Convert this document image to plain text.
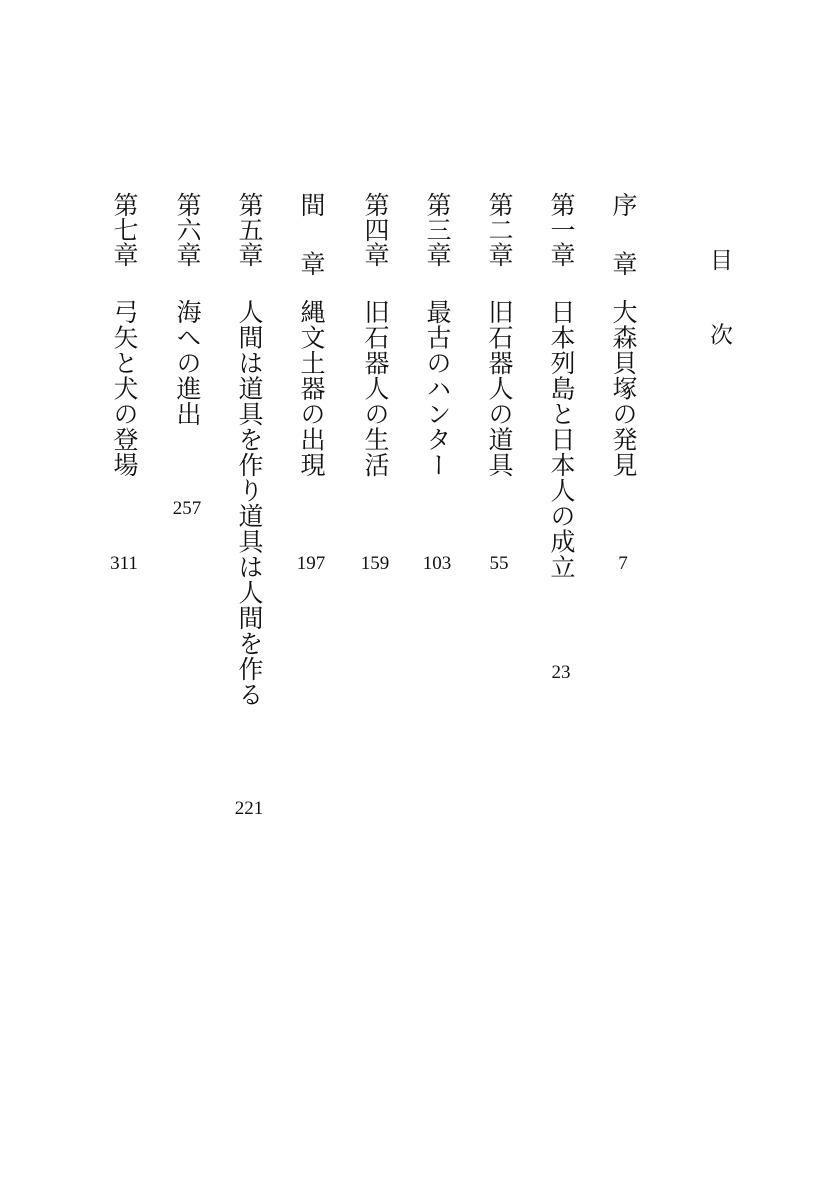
目 次
序 章
大森貝塚の発見
7
第一章
日本列島と日本人の成立
23
第二章
旧石器人の道具
55
第三章
最古のハンター
103
第四章
旧石器人の生活
159
間 章
縄文土器の出現
197
第五章
人間は道具を作り道具は人間を作る
221
第六章
海への進出
257
第七章
弓矢と犬の登場
311
